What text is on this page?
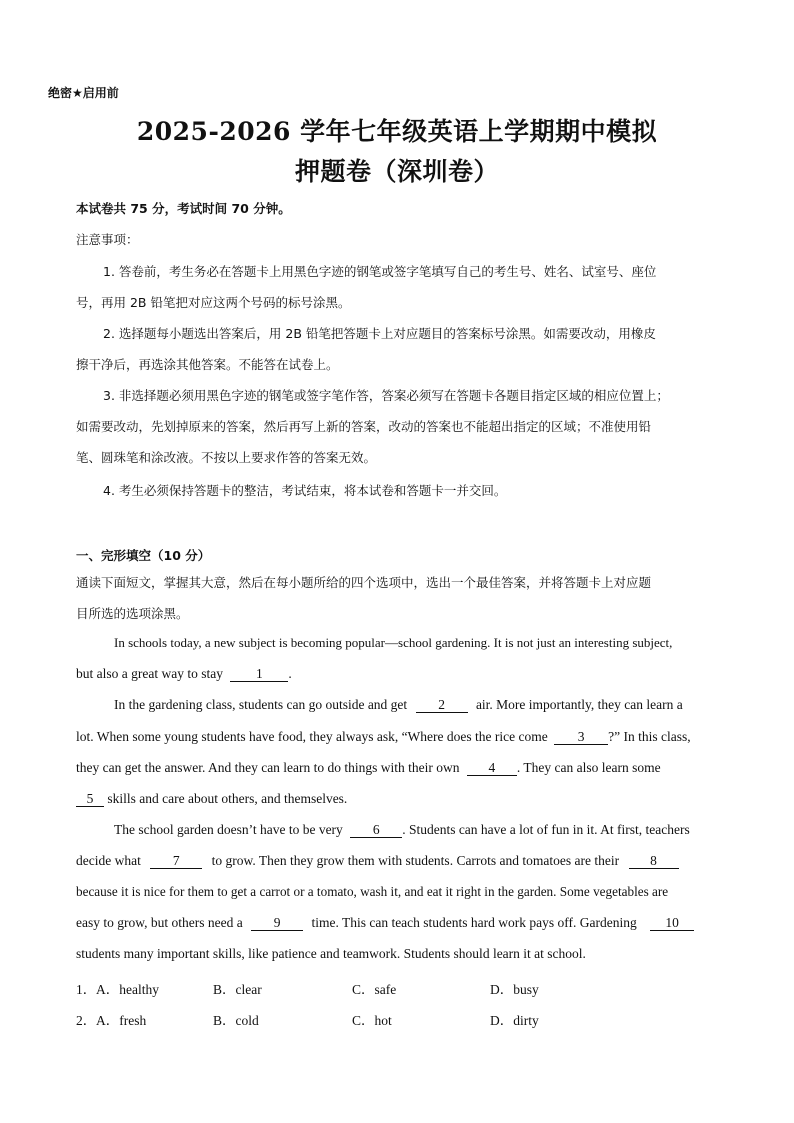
绝密★启用前
2025-2026 学年七年级英语上学期期中模拟
押题卷（深圳卷）
本试卷共 75 分，考试时间 70 分钟。
注意事项：
1. 答卷前，考生务必在答题卡上用黑色字迹的钢笔或签字笔填写自己的考生号、姓名、试室号、座位
号，再用 2B 铅笔把对应这两个号码的标号涂黑。
2. 选择题每小题选出答案后，用 2B 铅笔把答题卡上对应题目的答案标号涂黑。如需要改动，用橡皮
擦干净后，再选涂其他答案。不能答在试卷上。
3. 非选择题必须用黑色字迹的钢笔或签字笔作答，答案必须写在答题卡各题目指定区域的相应位置上；
如需要改动，先划掉原来的答案，然后再写上新的答案，改动的答案也不能超出指定的区域；不准使用铅
笔、圆珠笔和涂改液。不按以上要求作答的答案无效。
4. 考生必须保持答题卡的整洁，考试结束，将本试卷和答题卡一并交回。
一、完形填空（10 分）
通读下面短文，掌握其大意，然后在每小题所给的四个选项中，选出一个最佳答案，并将答题卡上对应题
目所选的选项涂黑。
In schools today, a new subject is becoming popular—school gardening. It is not just an interesting subject,
but also a great way to stay 1 .
In the gardening class, students can go outside and get 2 air. More importantly, they can learn a
lot. When some young students have food, they always ask, “Where does the rice come 3 ?” In this class,
they can get the answer. And they can learn to do things with their own 4 . They can also learn some
5 skills and care about others, and themselves.
The school garden doesn’t have to be very 6 . Students can have a lot of fun in it. At first, teachers
decide what 7 to grow. Then they grow them with students. Carrots and tomatoes are their 8
because it is nice for them to get a carrot or a tomato, wash it, and eat it right in the garden. Some vegetables are
easy to grow, but others need a 9 time. This can teach students hard work pays off. Gardening 10
students many important skills, like patience and teamwork. Students should learn it at school.
1． A．healthy	B．clear	C．safe	D．busy
2． A．fresh	B．cold	C．hot	D．dirty
